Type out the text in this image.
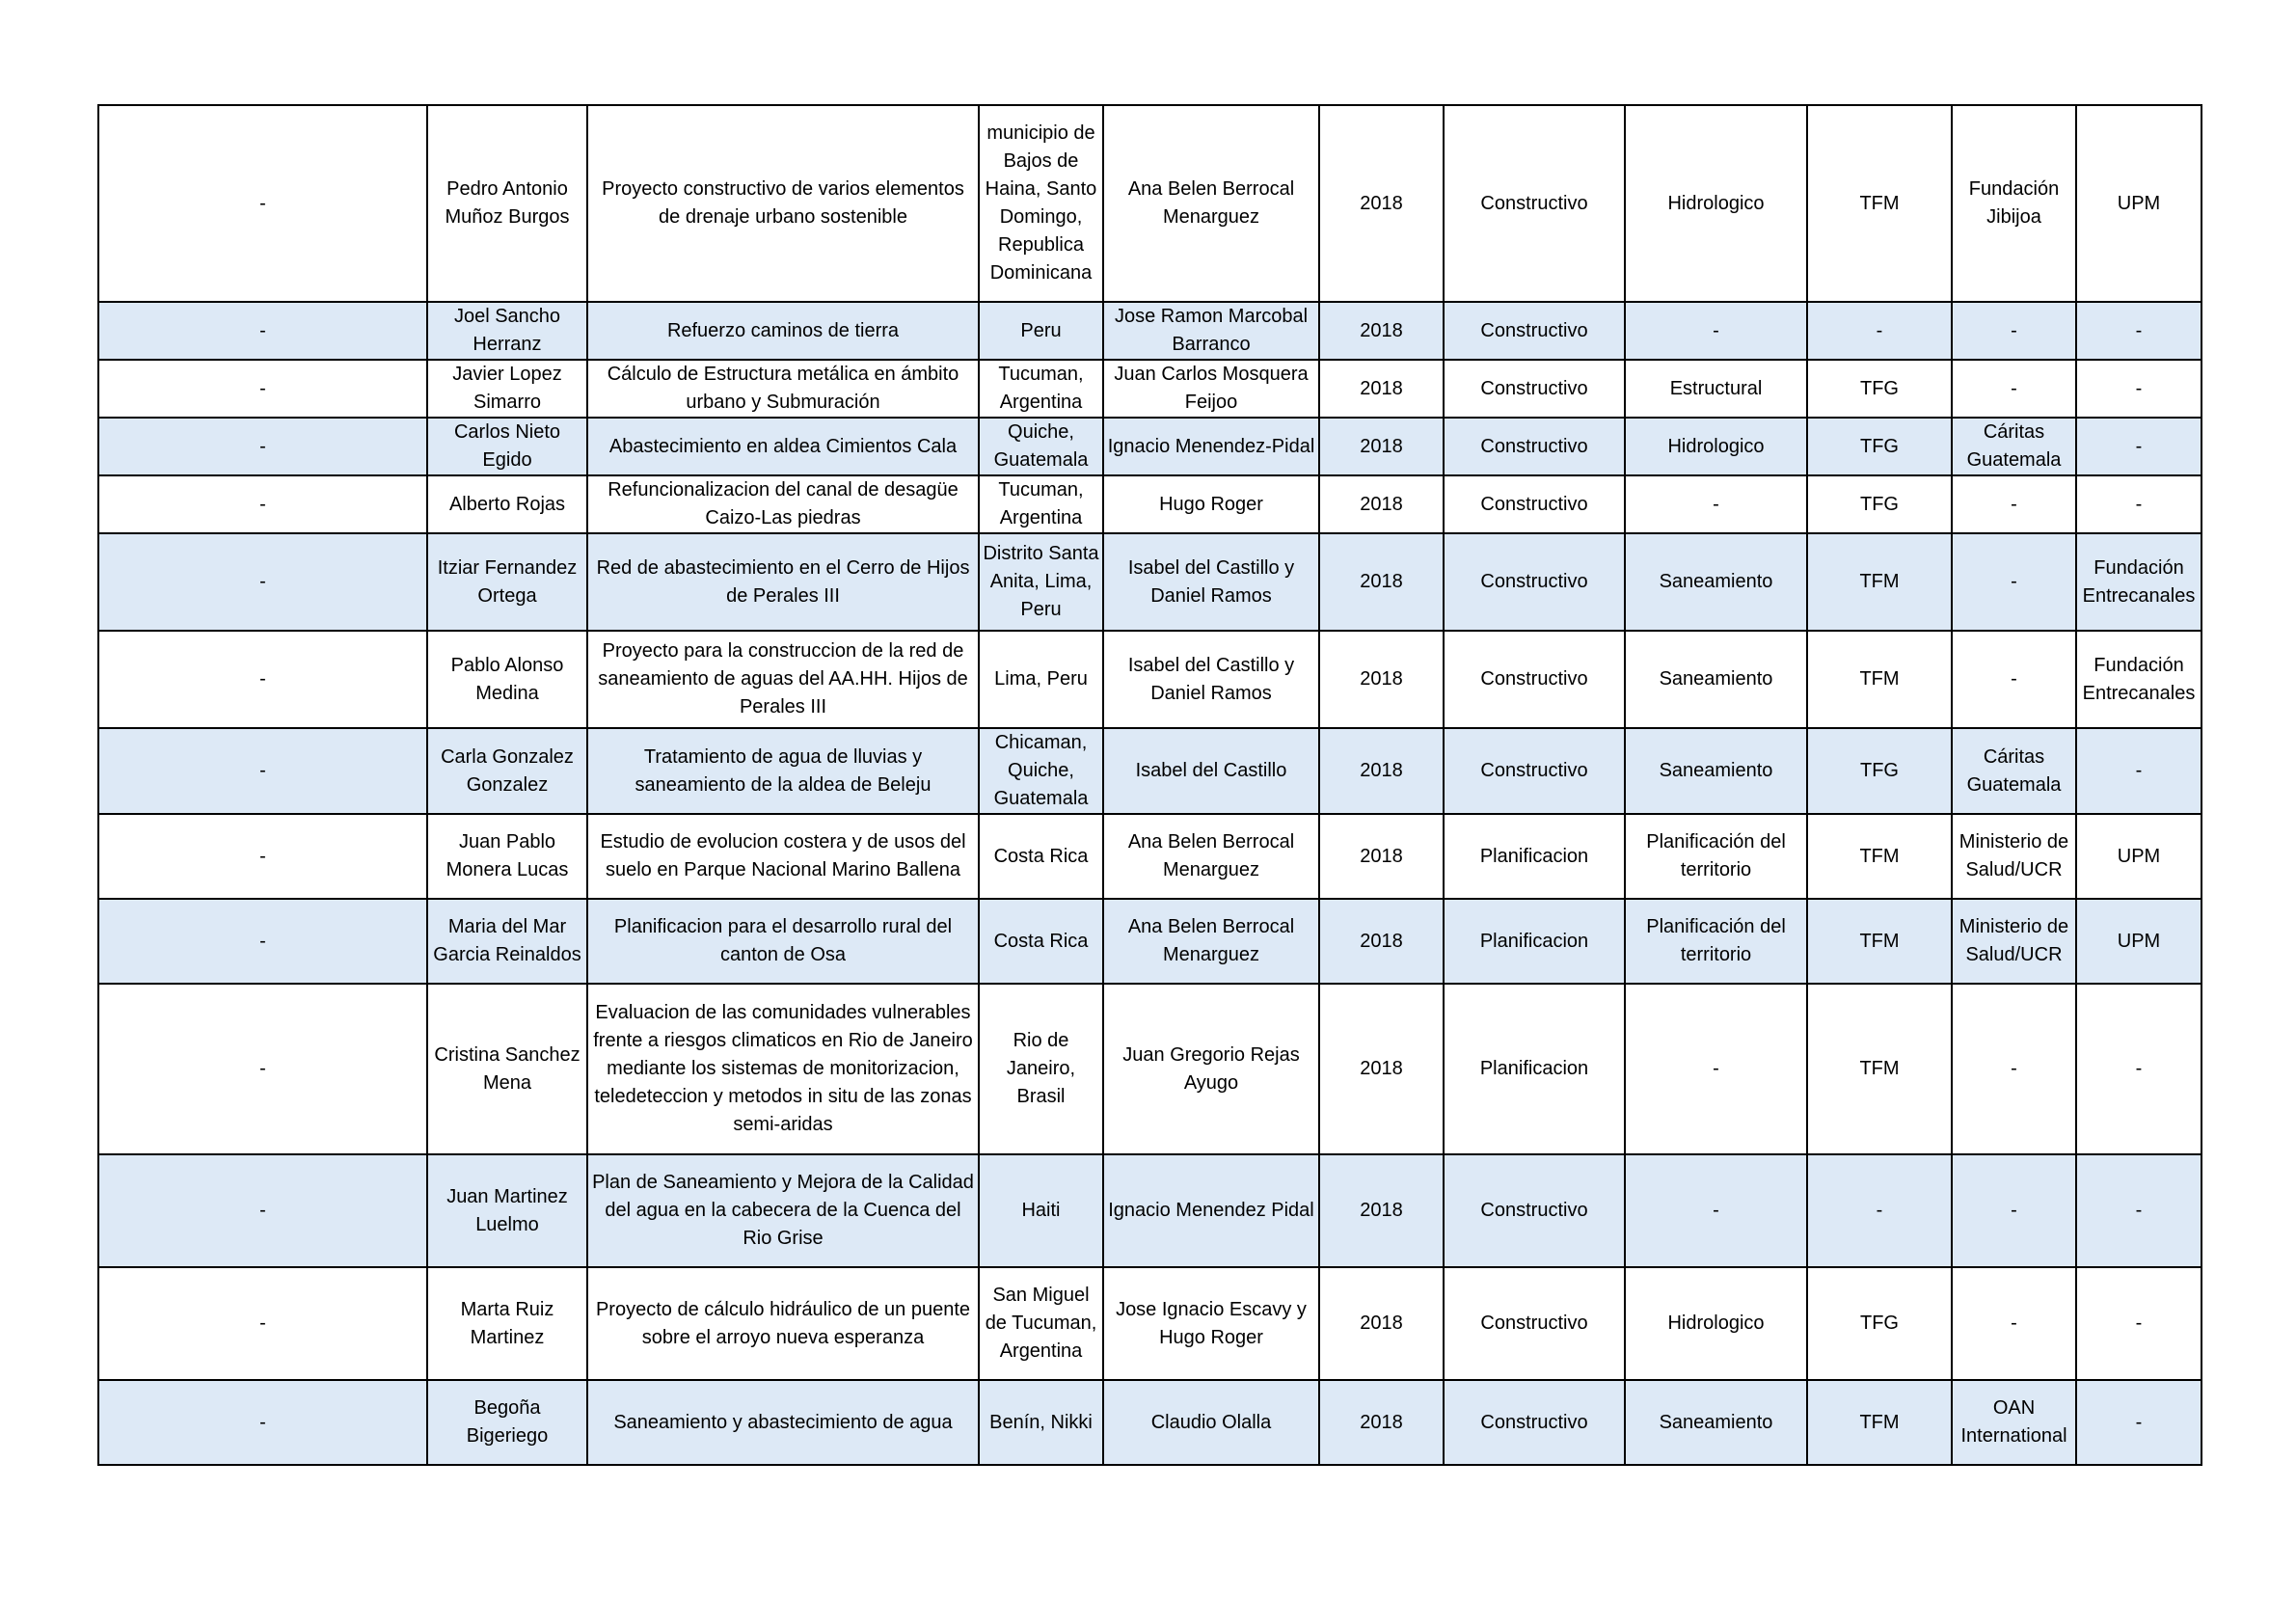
-	Pedro Antonio Muñoz Burgos	Proyecto constructivo de varios elementos de drenaje urbano sostenible	municipio de Bajos de Haina, Santo Domingo, Republica Dominicana	Ana Belen Berrocal Menarguez	2018	Constructivo	Hidrologico	TFM	Fundación Jibijoa	UPM
-	Joel Sancho Herranz	Refuerzo caminos de tierra	Peru	Jose Ramon Marcobal Barranco	2018	Constructivo	-	-	-	-
-	Javier Lopez Simarro	Cálculo de Estructura metálica en ámbito urbano y Submuración	Tucuman, Argentina	Juan Carlos Mosquera Feijoo	2018	Constructivo	Estructural	TFG	-	-
-	Carlos Nieto Egido	Abastecimiento en aldea Cimientos Cala	Quiche, Guatemala	Ignacio Menendez-Pidal	2018	Constructivo	Hidrologico	TFG	Cáritas Guatemala	-
-	Alberto Rojas	Refuncionalizacion del canal de desagüe Caizo-Las piedras	Tucuman, Argentina	Hugo Roger	2018	Constructivo	-	TFG	-	-
-	Itziar Fernandez Ortega	Red de abastecimiento en el Cerro de Hijos de Perales III	Distrito Santa Anita, Lima, Peru	Isabel del Castillo y Daniel Ramos	2018	Constructivo	Saneamiento	TFM	-	Fundación Entrecanales
-	Pablo Alonso Medina	Proyecto para la construccion de la red de saneamiento de aguas del AA.HH. Hijos de Perales III	Lima, Peru	Isabel del Castillo y Daniel Ramos	2018	Constructivo	Saneamiento	TFM	-	Fundación Entrecanales
-	Carla Gonzalez Gonzalez	Tratamiento de agua de lluvias y saneamiento de la aldea de Beleju	Chicaman, Quiche, Guatemala	Isabel del Castillo	2018	Constructivo	Saneamiento	TFG	Cáritas Guatemala	-
-	Juan Pablo Monera Lucas	Estudio de evolucion costera y de usos del suelo en Parque Nacional Marino Ballena	Costa Rica	Ana Belen Berrocal Menarguez	2018	Planificacion	Planificación del territorio	TFM	Ministerio de Salud/UCR	UPM
-	Maria del Mar Garcia Reinaldos	Planificacion para el desarrollo rural del canton de Osa	Costa Rica	Ana Belen Berrocal Menarguez	2018	Planificacion	Planificación del territorio	TFM	Ministerio de Salud/UCR	UPM
-	Cristina Sanchez Mena	Evaluacion de las comunidades vulnerables frente a riesgos climaticos en Rio de Janeiro mediante los sistemas de monitorizacion, teledeteccion y metodos in situ de las zonas semi-aridas	Rio de Janeiro, Brasil	Juan Gregorio Rejas Ayugo	2018	Planificacion	-	TFM	-	-
-	Juan Martinez Luelmo	Plan de Saneamiento y Mejora de la Calidad del agua en la cabecera de la Cuenca del Rio Grise	Haiti	Ignacio Menendez Pidal	2018	Constructivo	-	-	-	-
-	Marta Ruiz Martinez	Proyecto de cálculo hidráulico de un puente sobre el arroyo nueva esperanza	San Miguel de Tucuman, Argentina	Jose Ignacio Escavy y Hugo Roger	2018	Constructivo	Hidrologico	TFG	-	-
-	Begoña Bigeriego	Saneamiento y abastecimiento de agua	Benín, Nikki	Claudio Olalla	2018	Constructivo	Saneamiento	TFM	OAN International	-
